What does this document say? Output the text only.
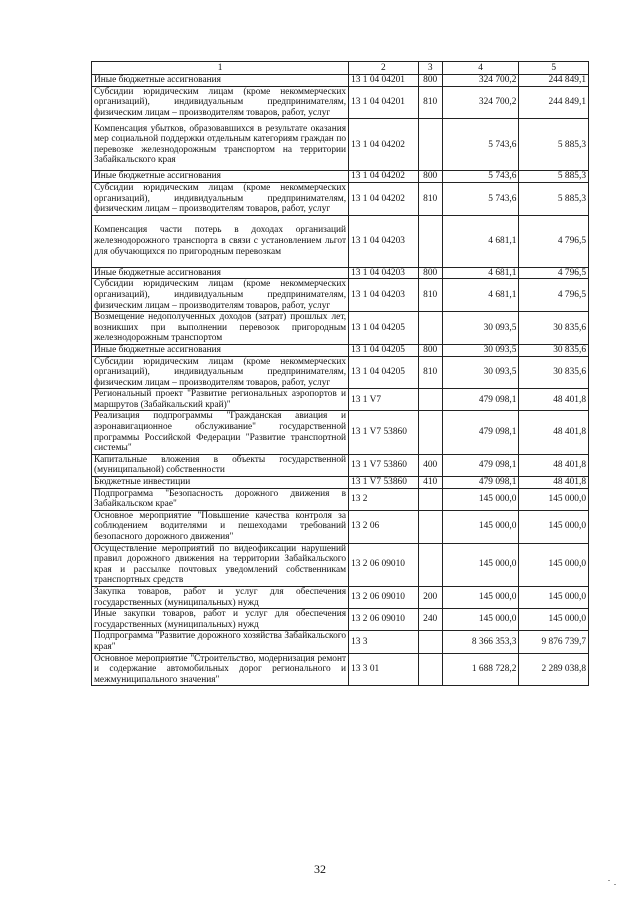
1	2	3	4	5
Иные бюджетные ассигнования	13 1 04 04201	800	324 700,2	244 849,1
Субсидии юридическим лицам (кроме некоммерческих организаций), индивидуальным предпринимателям, физическим лицам – производителям товаров, работ, услуг	13 1 04 04201	810	324 700,2	244 849,1
Компенсация убытков, образовавшихся в результате оказания мер социальной поддержки отдельным категориям граждан по перевозке железнодорожным транспортом на территории Забайкальского края	13 1 04 04202		5 743,6	5 885,3
Иные бюджетные ассигнования	13 1 04 04202	800	5 743,6	5 885,3
Субсидии юридическим лицам (кроме некоммерческих организаций), индивидуальным предпринимателям, физическим лицам – производителям товаров, работ, услуг	13 1 04 04202	810	5 743,6	5 885,3
Компенсация части потерь в доходах организаций железнодорожного транспорта в связи с установлением льгот для обучающихся по пригородным перевозкам	13 1 04 04203		4 681,1	4 796,5
Иные бюджетные ассигнования	13 1 04 04203	800	4 681,1	4 796,5
Субсидии юридическим лицам (кроме некоммерческих организаций), индивидуальным предпринимателям, физическим лицам – производителям товаров, работ, услуг	13 1 04 04203	810	4 681,1	4 796,5
Возмещение недополученных доходов (затрат) прошлых лет, возникших при выполнении перевозок пригородным железнодорожным транспортом	13 1 04 04205		30 093,5	30 835,6
Иные бюджетные ассигнования	13 1 04 04205	800	30 093,5	30 835,6
Субсидии юридическим лицам (кроме некоммерческих организаций), индивидуальным предпринимателям, физическим лицам – производителям товаров, работ, услуг	13 1 04 04205	810	30 093,5	30 835,6
Региональный проект "Развитие региональных аэропортов и маршрутов (Забайкальский край)"	13 1 V7		479 098,1	48 401,8
Реализация подпрограммы "Гражданская авиация и аэронавигационное обслуживание" государственной программы Российской Федерации "Развитие транспортной системы"	13 1 V7 53860		479 098,1	48 401,8
Капитальные вложения в объекты государственной (муниципальной) собственности	13 1 V7 53860	400	479 098,1	48 401,8
Бюджетные инвестиции	13 1 V7 53860	410	479 098,1	48 401,8
Подпрограмма "Безопасность дорожного движения в Забайкальском крае"	13 2		145 000,0	145 000,0
Основное мероприятие "Повышение качества контроля за соблюдением водителями и пешеходами требований безопасного дорожного движения"	13 2 06		145 000,0	145 000,0
Осуществление мероприятий по видеофиксации нарушений правил дорожного движения на территории Забайкальского края и рассылке почтовых уведомлений собственникам транспортных средств	13 2 06 09010		145 000,0	145 000,0
Закупка товаров, работ и услуг для обеспечения государственных (муниципальных) нужд	13 2 06 09010	200	145 000,0	145 000,0
Иные закупки товаров, работ и услуг для обеспечения государственных (муниципальных) нужд	13 2 06 09010	240	145 000,0	145 000,0
Подпрограмма "Развитие дорожного хозяйства Забайкальского края"	13 3		8 366 353,3	9 876 739,7
Основное мероприятие "Строительство, модернизация ремонт и содержание автомобильных дорог регионального и межмуниципального значения"	13 3 01		1 688 728,2	2 289 038,8
32
